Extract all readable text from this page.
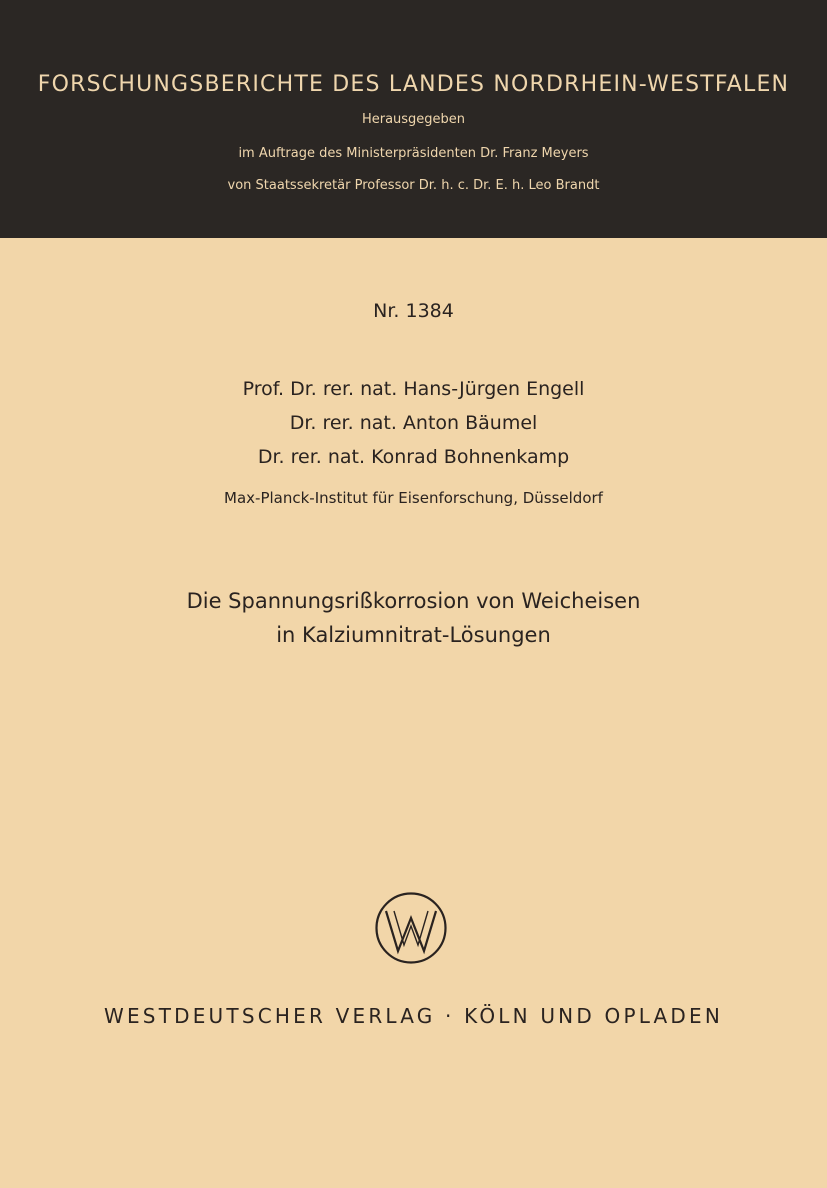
FORSCHUNGSBERICHTE DES LANDES NORDRHEIN-WESTFALEN
Herausgegeben
im Auftrage des Ministerpräsidenten Dr. Franz Meyers
von Staatssekretär Professor Dr. h. c. Dr. E. h. Leo Brandt
Nr. 1384
Prof. Dr. rer. nat. Hans-Jürgen Engell
Dr. rer. nat. Anton Bäumel
Dr. rer. nat. Konrad Bohnenkamp
Max-Planck-Institut für Eisenforschung, Düsseldorf
Die Spannungsrißkorrosion von Weicheisen
in Kalziumnitrat-Lösungen
WESTDEUTSCHER VERLAG · KÖLN UND OPLADEN
